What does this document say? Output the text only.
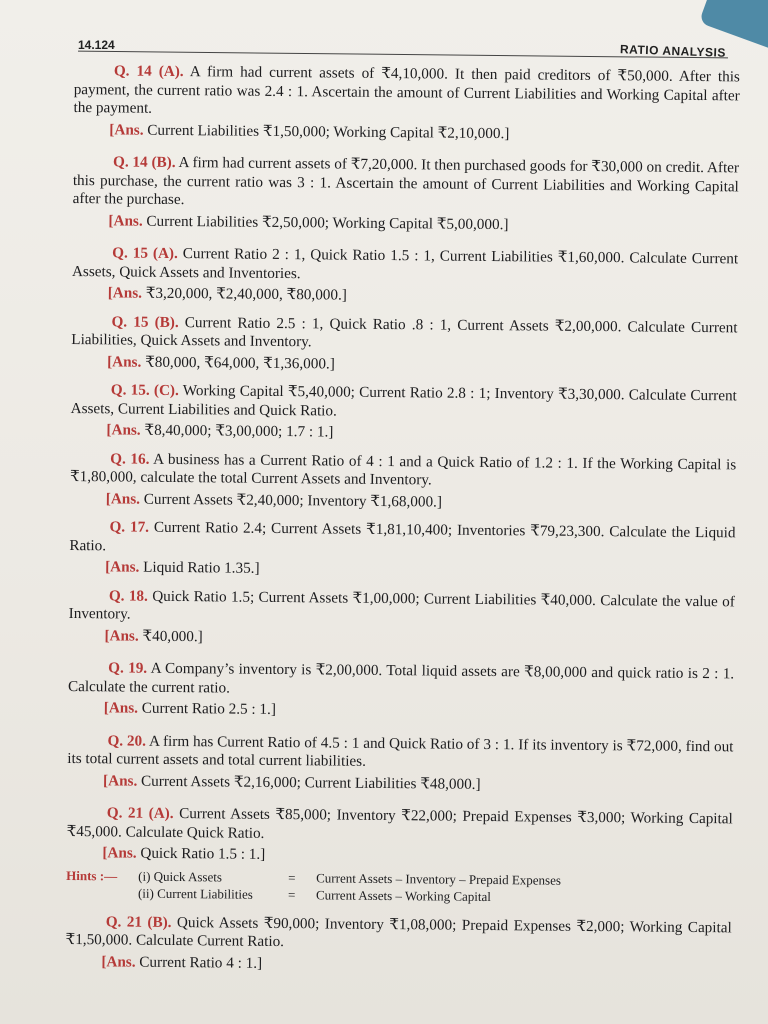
14.124	RATIO ANALYSIS

Q. 14 (A). A firm had current assets of ₹4,10,000. It then paid creditors of ₹50,000. After this payment, the current ratio was 2.4 : 1. Ascertain the amount of Current Liabilities and Working Capital after the payment.

[Ans. Current Liabilities ₹1,50,000; Working Capital ₹2,10,000.]

Q. 14 (B). A firm had current assets of ₹7,20,000. It then purchased goods for ₹30,000 on credit. After this purchase, the current ratio was 3 : 1. Ascertain the amount of Current Liabilities and Working Capital after the purchase.

[Ans. Current Liabilities ₹2,50,000; Working Capital ₹5,00,000.]

Q. 15 (A). Current Ratio 2 : 1, Quick Ratio 1.5 : 1, Current Liabilities ₹1,60,000. Calculate Current Assets, Quick Assets and Inventories.

[Ans. ₹3,20,000, ₹2,40,000, ₹80,000.]

Q. 15 (B). Current Ratio 2.5 : 1, Quick Ratio .8 : 1, Current Assets ₹2,00,000. Calculate Current Liabilities, Quick Assets and Inventory.

[Ans. ₹80,000, ₹64,000, ₹1,36,000.]

Q. 15. (C). Working Capital ₹5,40,000; Current Ratio 2.8 : 1; Inventory ₹3,30,000. Calculate Current Assets, Current Liabilities and Quick Ratio.

[Ans. ₹8,40,000; ₹3,00,000; 1.7 : 1.]

Q. 16. A business has a Current Ratio of 4 : 1 and a Quick Ratio of 1.2 : 1. If the Working Capital is ₹1,80,000, calculate the total Current Assets and Inventory.

[Ans. Current Assets ₹2,40,000; Inventory ₹1,68,000.]

Q. 17. Current Ratio 2.4; Current Assets ₹1,81,10,400; Inventories ₹79,23,300. Calculate the Liquid Ratio.

[Ans. Liquid Ratio 1.35.]

Q. 18. Quick Ratio 1.5; Current Assets ₹1,00,000; Current Liabilities ₹40,000. Calculate the value of Inventory.

[Ans. ₹40,000.]

Q. 19. A Company’s inventory is ₹2,00,000. Total liquid assets are ₹8,00,000 and quick ratio is 2 : 1. Calculate the current ratio.

[Ans. Current Ratio 2.5 : 1.]

Q. 20. A firm has Current Ratio of 4.5 : 1 and Quick Ratio of 3 : 1. If its inventory is ₹72,000, find out its total current assets and total current liabilities.

[Ans. Current Assets ₹2,16,000; Current Liabilities ₹48,000.]

Q. 21 (A). Current Assets ₹85,000; Inventory ₹22,000; Prepaid Expenses ₹3,000; Working Capital ₹45,000. Calculate Quick Ratio.

[Ans. Quick Ratio 1.5 : 1.]

Hints :— (i) Quick Assets	= Current Assets – Inventory – Prepaid Expenses
(ii) Current Liabilities	= Current Assets – Working Capital

Q. 21 (B). Quick Assets ₹90,000; Inventory ₹1,08,000; Prepaid Expenses ₹2,000; Working Capital ₹1,50,000. Calculate Current Ratio.

[Ans. Current Ratio 4 : 1.]
